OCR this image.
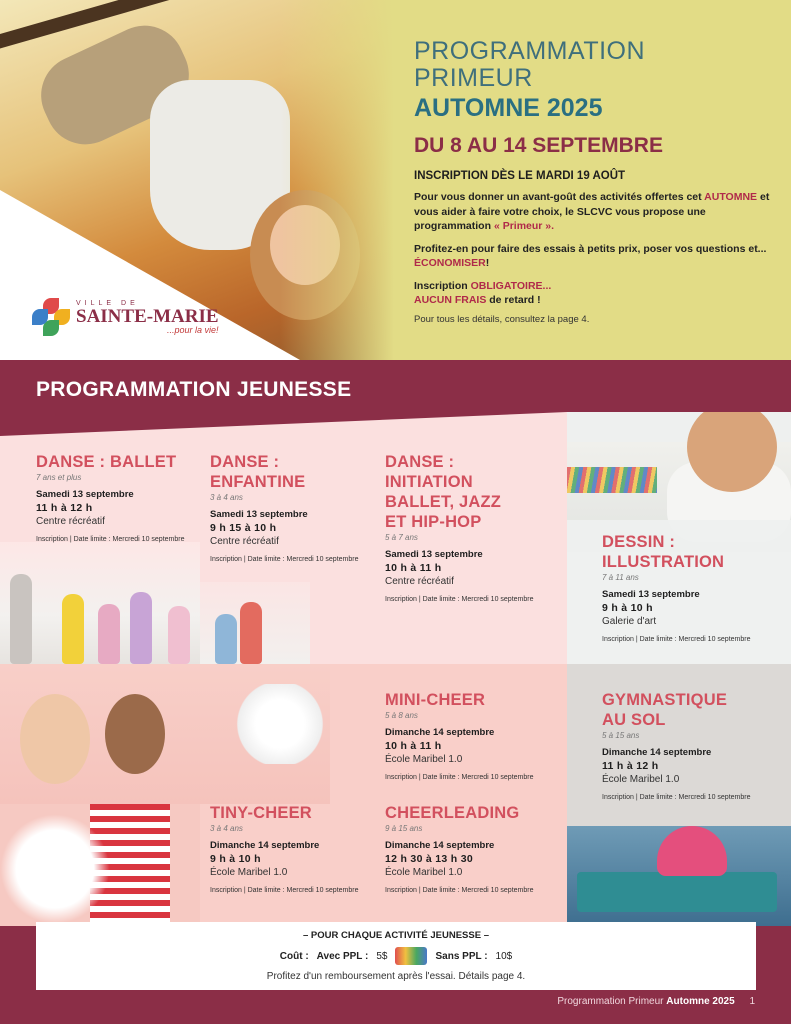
VILLE DE
SAINTE-MARIE
...pour la vie!
PROGRAMMATION
PRIMEUR
AUTOMNE 2025
DU 8 AU 14 SEPTEMBRE
INSCRIPTION DÈS LE MARDI 19 AOÛT
Pour vous donner un avant-goût des activités offertes cet AUTOMNE et vous aider à faire votre choix, le SLCVC vous propose une programmation « Primeur ».
Profitez-en pour faire des essais à petits prix, poser vos questions et... ÉCONOMISER!
Inscription OBLIGATOIRE...
AUCUN FRAIS de retard !
Pour tous les détails, consultez la page 4.
PROGRAMMATION JEUNESSE
DANSE : BALLET
7 ans et plus
Samedi 13 septembre
11 h à 12 h
Centre récréatif
Inscription | Date limite : Mercredi 10 septembre
DANSE :
ENFANTINE
3 à 4 ans
Samedi 13 septembre
9 h 15 à 10 h
Centre récréatif
Inscription | Date limite : Mercredi 10 septembre
DANSE :
INITIATION
BALLET, JAZZ
ET HIP-HOP
5 à 7 ans
Samedi 13 septembre
10 h à 11 h
Centre récréatif
Inscription | Date limite : Mercredi 10 septembre
DESSIN :
ILLUSTRATION
7 à 11 ans
Samedi 13 septembre
9 h à 10 h
Galerie d'art
Inscription | Date limite : Mercredi 10 septembre
MINI-CHEER
5 à 8 ans
Dimanche 14 septembre
10 h à 11 h
École Maribel 1.0
Inscription | Date limite : Mercredi 10 septembre
GYMNASTIQUE
AU SOL
5 à 15 ans
Dimanche 14 septembre
11 h à 12 h
École Maribel 1.0
Inscription | Date limite : Mercredi 10 septembre
TINY-CHEER
3 à 4 ans
Dimanche 14 septembre
9 h à 10 h
École Maribel 1.0
Inscription | Date limite : Mercredi 10 septembre
CHEERLEADING
9 à 15 ans
Dimanche 14 septembre
12 h 30 à 13 h 30
École Maribel 1.0
Inscription | Date limite : Mercredi 10 septembre
– POUR CHAQUE ACTIVITÉ JEUNESSE –
Coût : Avec PPL : 5$	Sans PPL : 10$
Profitez d'un remboursement après l'essai. Détails page 4.
Programmation Primeur Automne 2025 1
